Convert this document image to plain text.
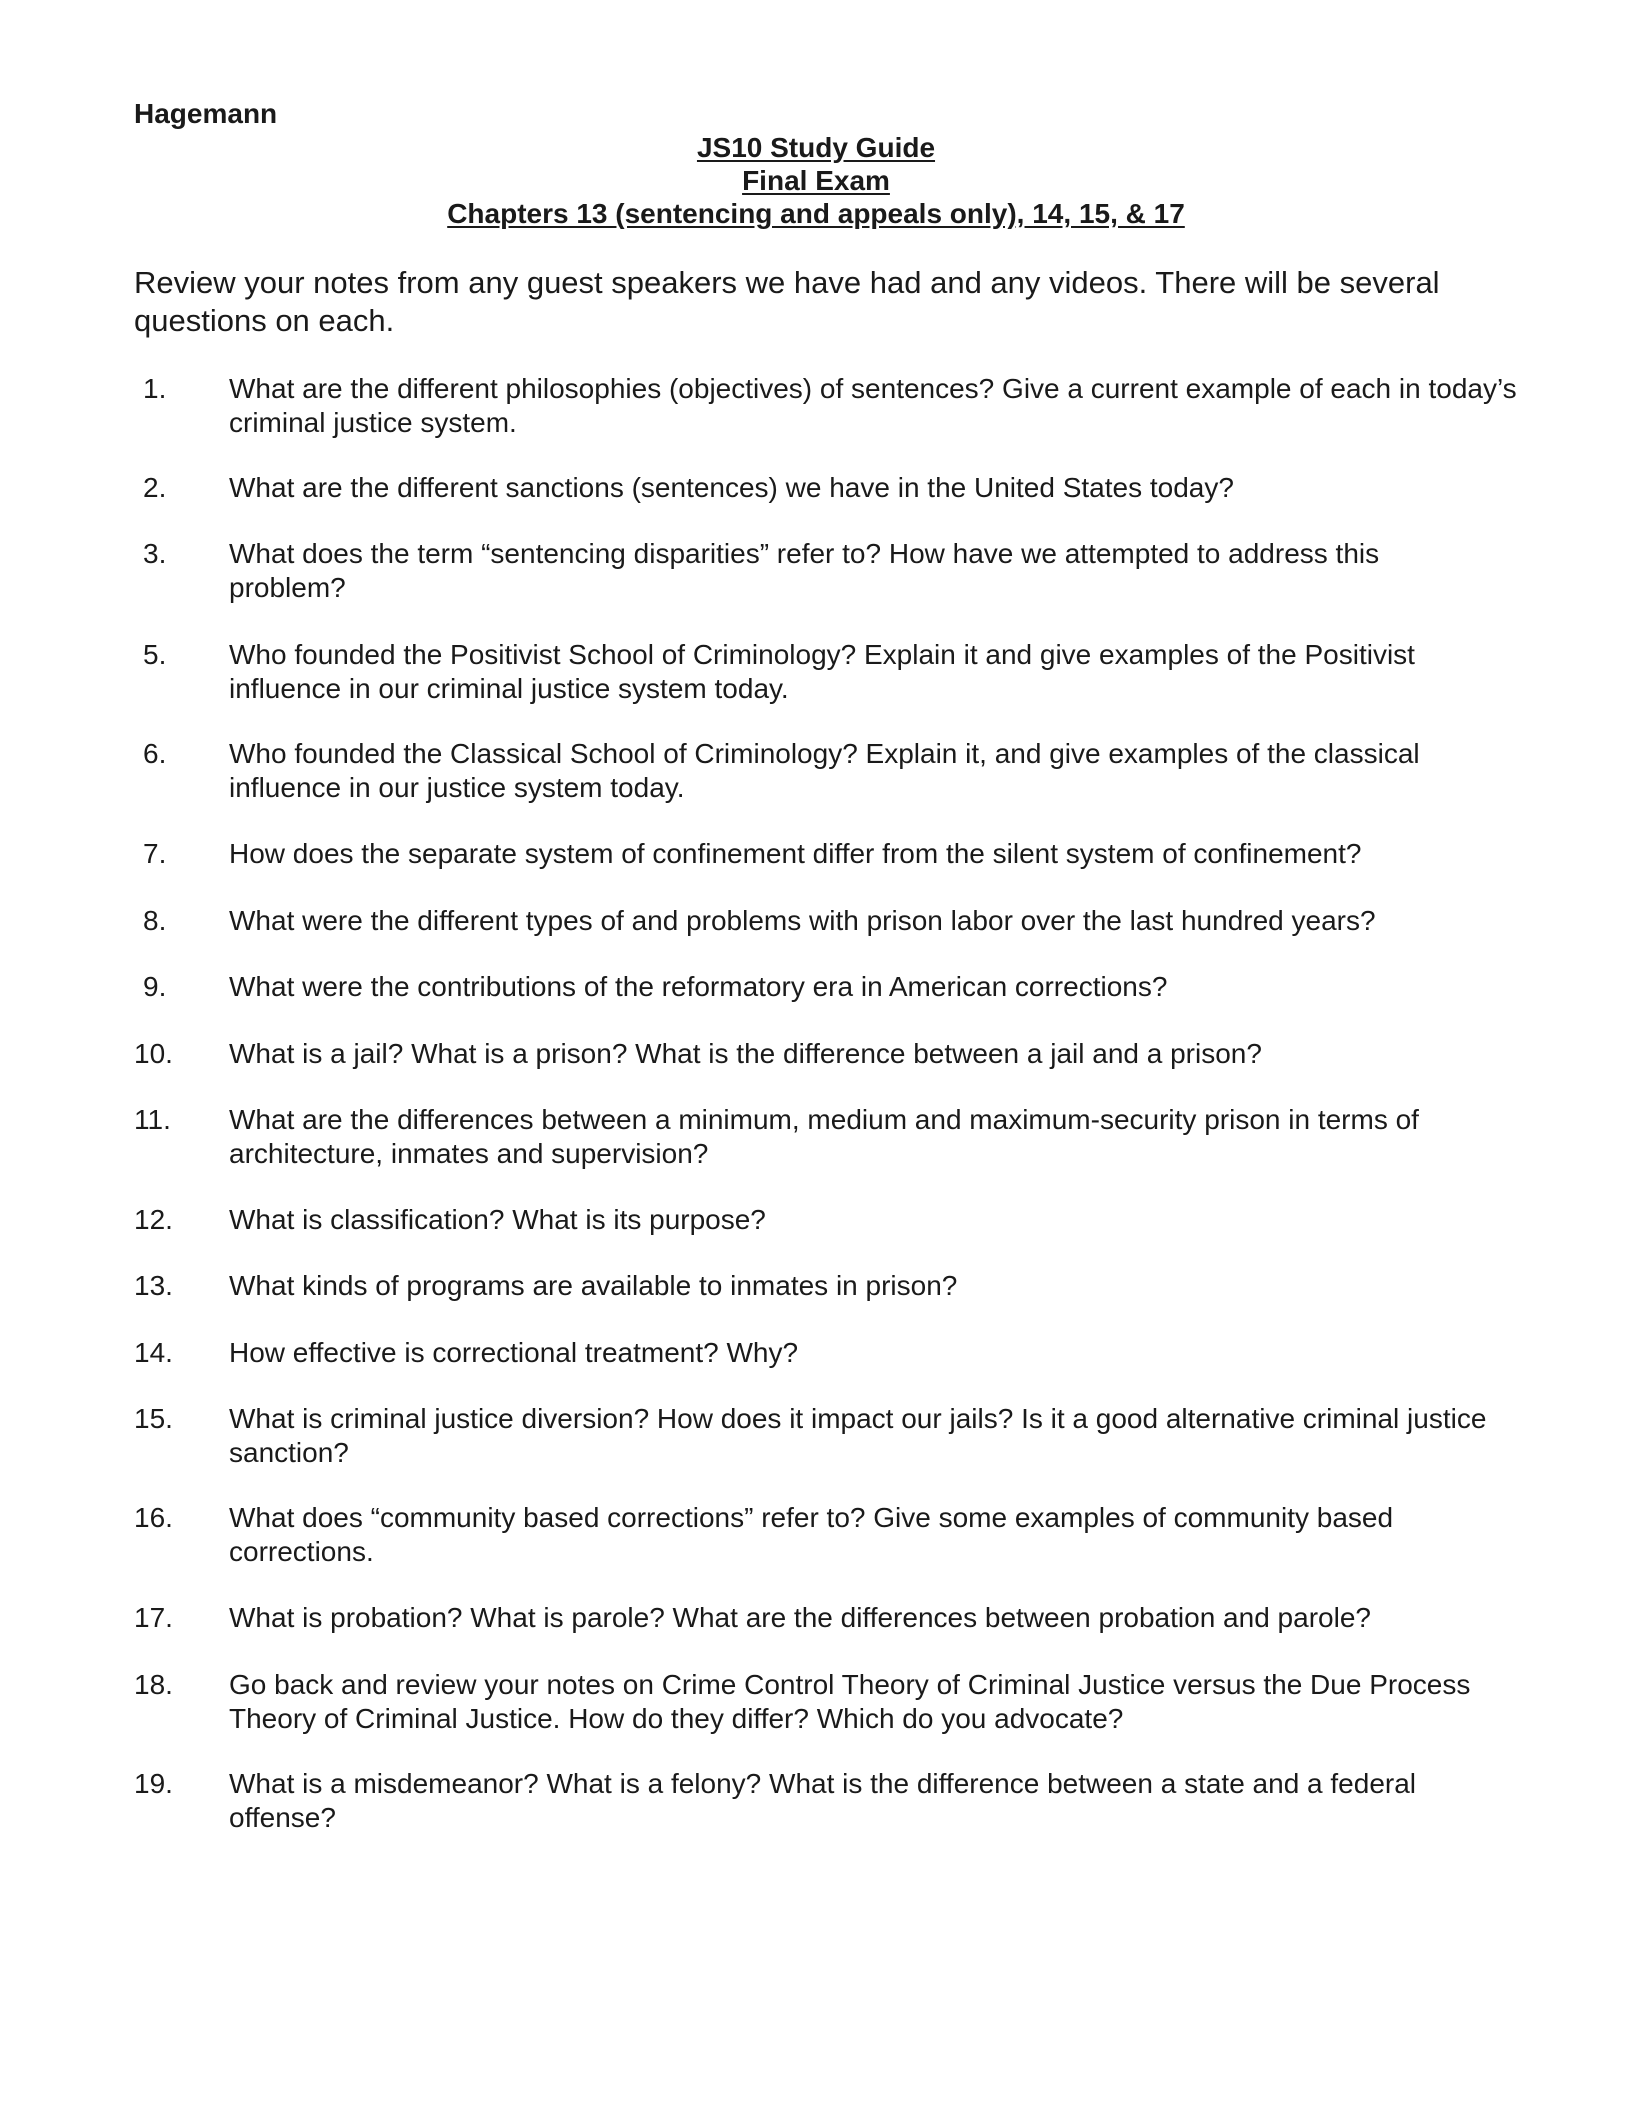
Hagemann
JS10 Study Guide
Final Exam
Chapters 13 (sentencing and appeals only), 14, 15, & 17
Review your notes from any guest speakers we have had and any videos. There will be several questions on each.
1.	What are the different philosophies (objectives) of sentences? Give a current example of each in today’s criminal justice system.
2.	What are the different sanctions (sentences) we have in the United States today?
3.	What does the term “sentencing disparities” refer to? How have we attempted to address this problem?
5.	Who founded the Positivist School of Criminology? Explain it and give examples of the Positivist influence in our criminal justice system today.
6.	Who founded the Classical School of Criminology? Explain it, and give examples of the classical influence in our justice system today.
7.	How does the separate system of confinement differ from the silent system of confinement?
8.	What were the different types of and problems with prison labor over the last hundred years?
9.	What were the contributions of the reformatory era in American corrections?
10.	What is a jail? What is a prison? What is the difference between a jail and a prison?
11.	What are the differences between a minimum, medium and maximum-security prison in terms of architecture, inmates and supervision?
12.	What is classification? What is its purpose?
13.	What kinds of programs are available to inmates in prison?
14.	How effective is correctional treatment? Why?
15.	What is criminal justice diversion? How does it impact our jails? Is it a good alternative criminal justice sanction?
16.	What does “community based corrections” refer to? Give some examples of community based corrections.
17.	What is probation? What is parole? What are the differences between probation and parole?
18.	Go back and review your notes on Crime Control Theory of Criminal Justice versus the Due Process Theory of Criminal Justice. How do they differ? Which do you advocate?
19.	What is a misdemeanor? What is a felony? What is the difference between a state and a federal offense?
